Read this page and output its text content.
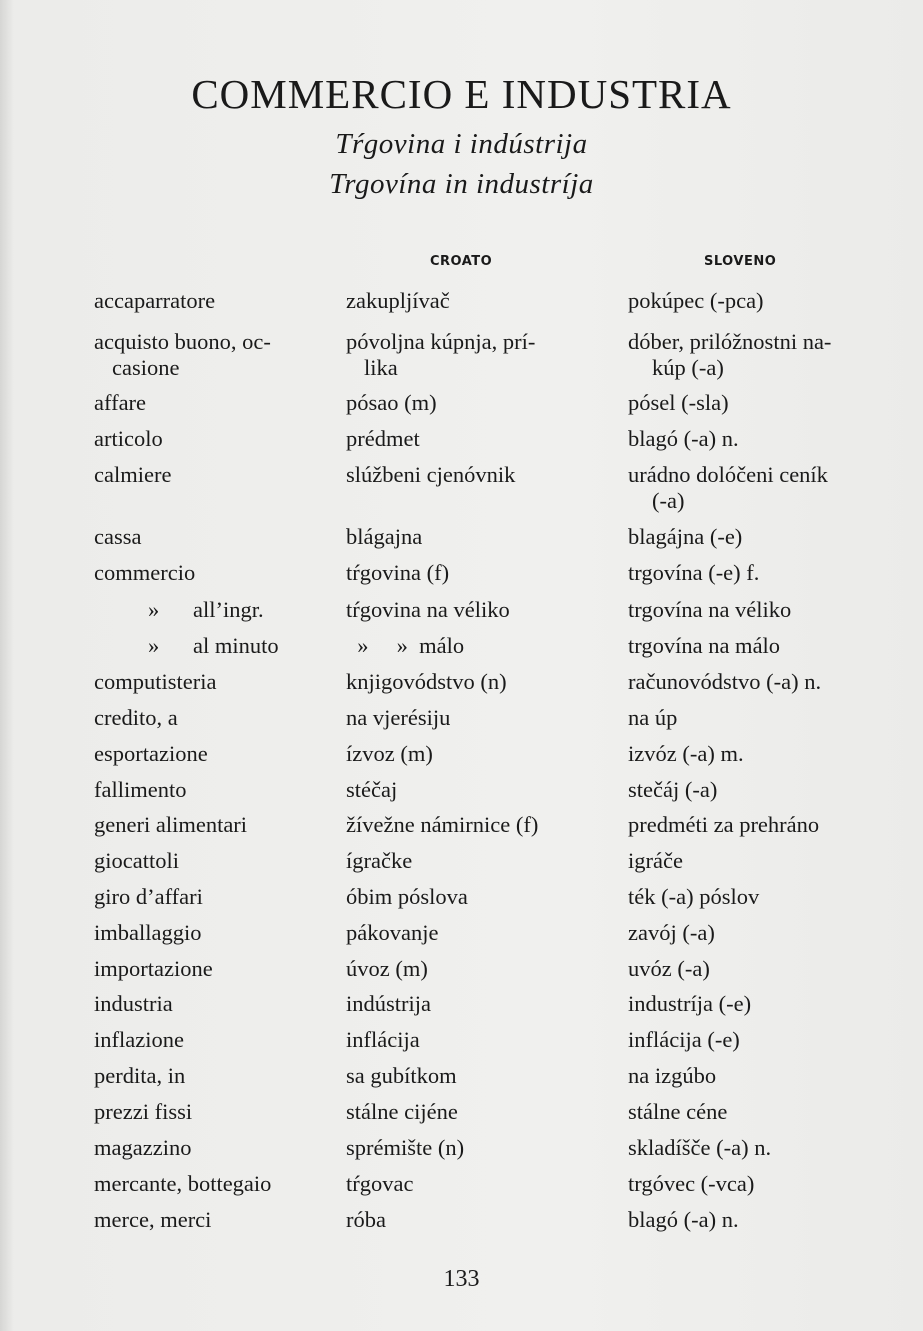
COMMERCIO E INDUSTRIA
Tŕgovina i indústrija
Trgovína in industríja
CROATO	SLOVENO
accaparratore	zakupljívač	pokúpec (-pca)
acquisto buono, oc-	póvoljna kúpnja, prí-	dóber, prilóžnostni na-
casione	lika	kúp (-a)
affare	pósao (m)	pósel (-sla)
articolo	prédmet	blagó (-a) n.
calmiere	slúžbeni cjenóvnik	urádno dolóčeni ceník
(-a)
cassa	blágajna	blagájna (-e)
commercio	tŕgovina (f)	trgovína (-e) f.
»      all’ingr.	tŕgovina na véliko	trgovína na véliko
»      al minuto	»     »  málo	trgovína na málo
computisteria	knjigovódstvo (n)	računovódstvo (-a) n.
credito, a	na vjerésiju	na úp
esportazione	ízvoz (m)	izvóz (-a) m.
fallimento	stéčaj	stečáj (-a)
generi alimentari	žívežne námirnice (f)	predméti za prehráno
giocattoli	ígračke	igráče
giro d’affari	óbim póslova	ték (-a) póslov
imballaggio	pákovanje	zavój (-a)
importazione	úvoz (m)	uvóz (-a)
industria	indústrija	industríja (-e)
inflazione	inflácija	inflácija (-e)
perdita, in	sa gubítkom	na izgúbo
prezzi fissi	stálne cijéne	stálne céne
magazzino	sprémište (n)	skladíšče (-a) n.
mercante, bottegaio	tŕgovac	trgóvec (-vca)
merce, merci	róba	blagó (-a) n.
133
